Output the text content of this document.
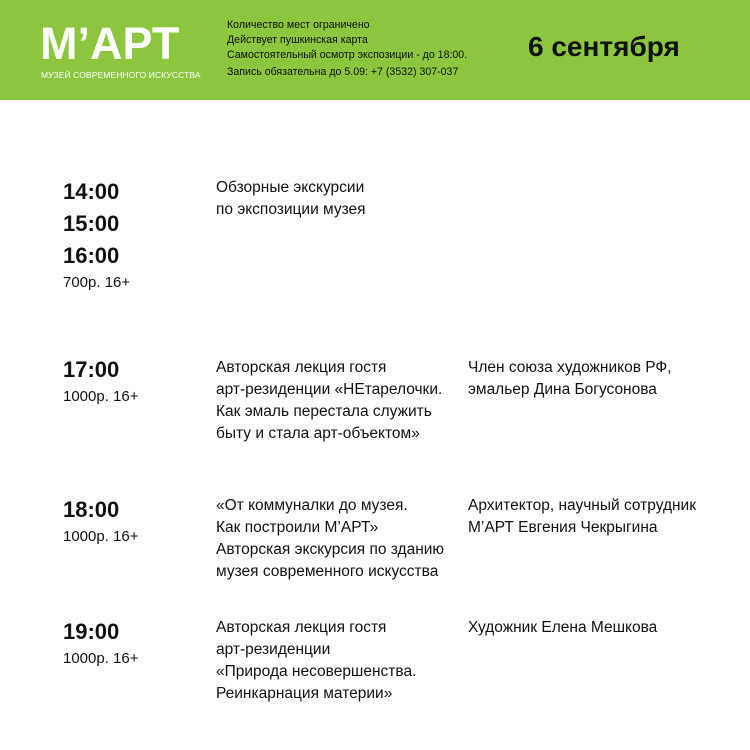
М’АРТ
МУЗЕЙ СОВРЕМЕННОГО ИСКУССТВА
Количество мест ограничено
Действует пушкинская карта
Самостоятельный осмотр экспозиции - до 18:00.
Запись обязательна до 5.09: +7 (3532) 307-037
6 сентября
14:00
15:00
16:00
700р. 16+
Обзорные экскурсии
по экспозиции музея
17:00
1000р. 16+
Авторская лекция гостя
арт-резиденции «НЕтарелочки.
Как эмаль перестала служить
быту и стала арт-объектом»
Член союза художников РФ,
эмальер Дина Богусонова
18:00
1000р. 16+
«От коммуналки до музея.
Как построили М’АРТ»
Авторская экскурсия по зданию
музея современного искусства
Архитектор, научный сотрудник
М’АРТ Евгения Чекрыгина
19:00
1000р. 16+
Авторская лекция гостя
арт-резиденции
«Природа несовершенства.
Реинкарнация материи»
Художник Елена Мешкова
